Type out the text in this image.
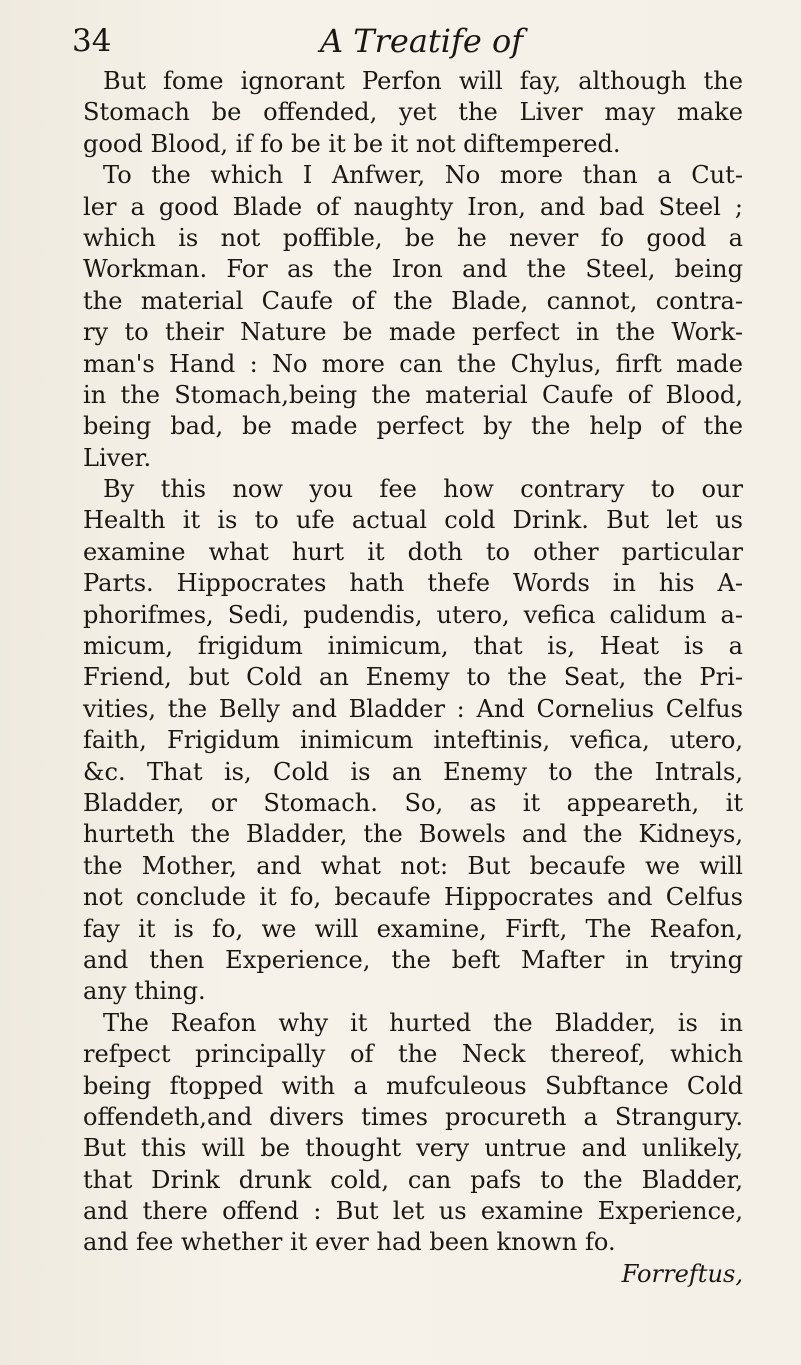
34	A Treatife of
But fome ignorant Perfon will fay, although the
Stomach be offended, yet the Liver may make
good Blood, if fo be it be it not diftempered.
To the which I Anfwer, No more than a Cut-
ler a good Blade of naughty Iron, and bad Steel ;
which is not poffible, be he never fo good a
Workman. For as the Iron and the Steel, being
the material Caufe of the Blade, cannot, contra-
ry to their Nature be made perfect in the Work-
man's Hand : No more can the Chylus, firft made
in the Stomach,being the material Caufe of Blood,
being bad, be made perfect by the help of the
Liver.
By this now you fee how contrary to our
Health it is to ufe actual cold Drink. But let us
examine what hurt it doth to other particular
Parts. Hippocrates hath thefe Words in his A-
phorifmes, Sedi, pudendis, utero, vefica calidum a-
micum, frigidum inimicum, that is, Heat is a
Friend, but Cold an Enemy to the Seat, the Pri-
vities, the Belly and Bladder : And Cornelius Celfus
faith, Frigidum inimicum inteftinis, vefica, utero,
&c. That is, Cold is an Enemy to the Intrals,
Bladder, or Stomach. So, as it appeareth, it
hurteth the Bladder, the Bowels and the Kidneys,
the Mother, and what not: But becaufe we will
not conclude it fo, becaufe Hippocrates and Celfus
fay it is fo, we will examine, Firft, The Reafon,
and then Experience, the beft Mafter in trying
any thing.
The Reafon why it hurted the Bladder, is in
refpect principally of the Neck thereof, which
being ftopped with a mufculeous Subftance Cold
offendeth,and divers times procureth a Strangury.
But this will be thought very untrue and unlikely,
that Drink drunk cold, can pafs to the Bladder,
and there offend : But let us examine Experience,
and fee whether it ever had been known fo.
Forreftus,
